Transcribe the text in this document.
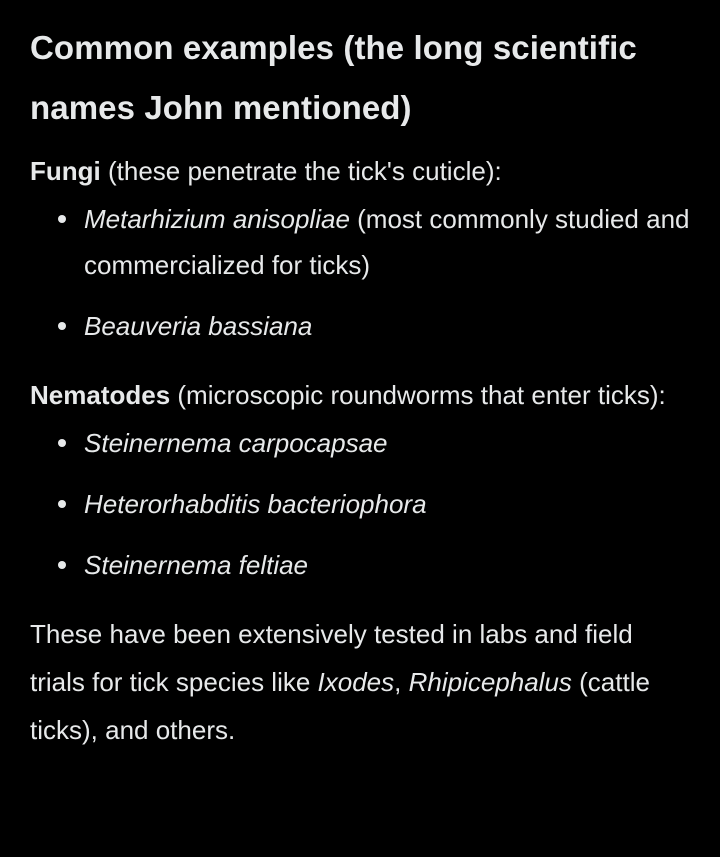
Common examples (the long scientific names John mentioned)

Fungi (these penetrate the tick's cuticle):

Metarhizium anisopliae (most commonly studied and commercialized for ticks)
Beauveria bassiana

Nematodes (microscopic roundworms that enter ticks):

Steinernema carpocapsae
Heterorhabditis bacteriophora
Steinernema feltiae

These have been extensively tested in labs and field trials for tick species like Ixodes, Rhipicephalus (cattle ticks), and others.
